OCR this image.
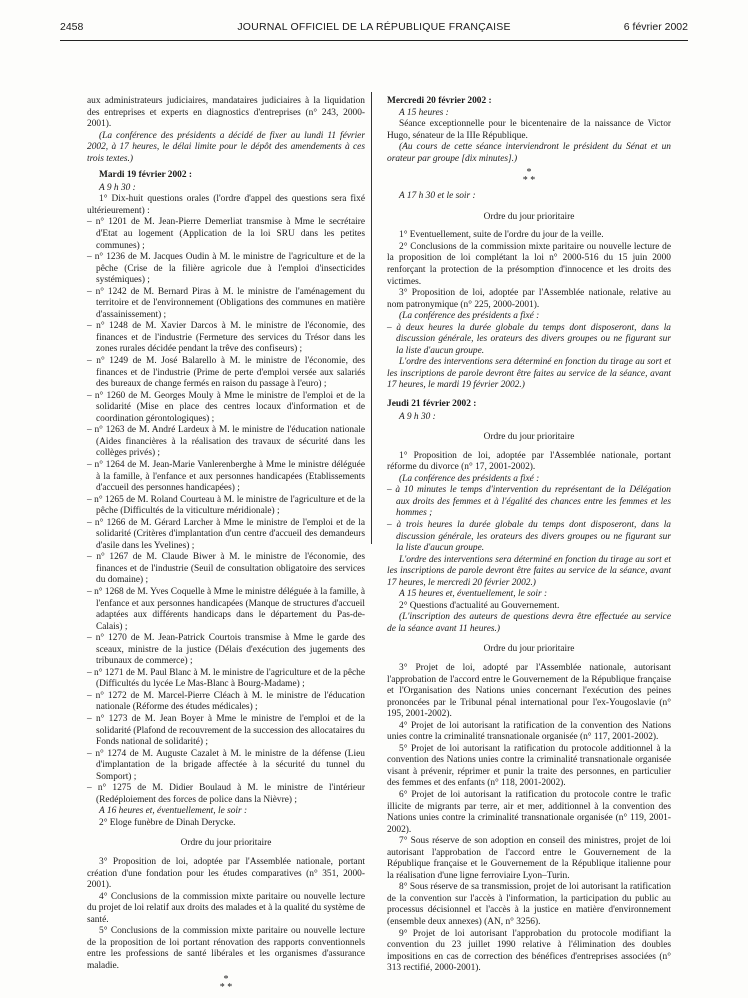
2458	JOURNAL OFFICIEL DE LA RÉPUBLIQUE FRANÇAISE	6 février 2002

aux administrateurs judiciaires, mandataires judiciaires à la liquidation des entreprises et experts en diagnostics d'entreprises (n° 243, 2000-2001).

(La conférence des présidents a décidé de fixer au lundi 11 février 2002, à 17 heures, le délai limite pour le dépôt des amendements à ces trois textes.)

Mardi 19 février 2002 :

A 9 h 30 :

1° Dix-huit questions orales (l'ordre d'appel des questions sera fixé ultérieurement) :

– n° 1201 de M. Jean-Pierre Demerliat transmise à Mme le secrétaire d'Etat au logement (Application de la loi SRU dans les petites communes) ;

– n° 1236 de M. Jacques Oudin à M. le ministre de l'agriculture et de la pêche (Crise de la filière agricole due à l'emploi d'insecticides systémiques) ;

– n° 1242 de M. Bernard Piras à M. le ministre de l'aménagement du territoire et de l'environnement (Obligations des communes en matière d'assainissement) ;

– n° 1248 de M. Xavier Darcos à M. le ministre de l'économie, des finances et de l'industrie (Fermeture des services du Trésor dans les zones rurales décidée pendant la trêve des confiseurs) ;

– n° 1249 de M. José Balarello à M. le ministre de l'économie, des finances et de l'industrie (Prime de perte d'emploi versée aux salariés des bureaux de change fermés en raison du passage à l'euro) ;

– n° 1260 de M. Georges Mouly à Mme le ministre de l'emploi et de la solidarité (Mise en place des centres locaux d'information et de coordination gérontologiques) ;

– n° 1263 de M. André Lardeux à M. le ministre de l'éducation nationale (Aides financières à la réalisation des travaux de sécurité dans les collèges privés) ;

– n° 1264 de M. Jean-Marie Vanlerenberghe à Mme le ministre déléguée à la famille, à l'enfance et aux personnes handicapées (Etablissements d'accueil des personnes handicapées) ;

– n° 1265 de M. Roland Courteau à M. le ministre de l'agriculture et de la pêche (Difficultés de la viticulture méridionale) ;

– n° 1266 de M. Gérard Larcher à Mme le ministre de l'emploi et de la solidarité (Critères d'implantation d'un centre d'accueil des demandeurs d'asile dans les Yvelines) ;

– n° 1267 de M. Claude Biwer à M. le ministre de l'économie, des finances et de l'industrie (Seuil de consultation obligatoire des services du domaine) ;

– n° 1268 de M. Yves Coquelle à Mme le ministre déléguée à la famille, à l'enfance et aux personnes handicapées (Manque de structures d'accueil adaptées aux différents handicaps dans le département du Pas-de-Calais) ;

– n° 1270 de M. Jean-Patrick Courtois transmise à Mme le garde des sceaux, ministre de la justice (Délais d'exécution des jugements des tribunaux de commerce) ;

– n° 1271 de M. Paul Blanc à M. le ministre de l'agriculture et de la pêche (Difficultés du lycée Le Mas-Blanc à Bourg-Madame) ;

– n° 1272 de M. Marcel-Pierre Cléach à M. le ministre de l'éducation nationale (Réforme des études médicales) ;

– n° 1273 de M. Jean Boyer à Mme le ministre de l'emploi et de la solidarité (Plafond de recouvrement de la succession des allocataires du Fonds national de solidarité) ;

– n° 1274 de M. Auguste Cazalet à M. le ministre de la défense (Lieu d'implantation de la brigade affectée à la sécurité du tunnel du Somport) ;

– n° 1275 de M. Didier Boulaud à M. le ministre de l'intérieur (Redéploiement des forces de police dans la Nièvre) ;

A 16 heures et, éventuellement, le soir :

2° Eloge funèbre de Dinah Derycke.

Ordre du jour prioritaire

3° Proposition de loi, adoptée par l'Assemblée nationale, portant création d'une fondation pour les études comparatives (n° 351, 2000-2001).

4° Conclusions de la commission mixte paritaire ou nouvelle lecture du projet de loi relatif aux droits des malades et à la qualité du système de santé.

5° Conclusions de la commission mixte paritaire ou nouvelle lecture de la proposition de loi portant rénovation des rapports conventionnels entre les professions de santé libérales et les organismes d'assurance maladie.

*
* *

Mercredi 20 février 2002 :

A 15 heures :

Séance exceptionnelle pour le bicentenaire de la naissance de Victor Hugo, sénateur de la IIIe République.

(Au cours de cette séance interviendront le président du Sénat et un orateur par groupe [dix minutes].)

*
* *

A 17 h 30 et le soir :

Ordre du jour prioritaire

1° Eventuellement, suite de l'ordre du jour de la veille.

2° Conclusions de la commission mixte paritaire ou nouvelle lecture de la proposition de loi complétant la loi n° 2000-516 du 15 juin 2000 renforçant la protection de la présomption d'innocence et les droits des victimes.

3° Proposition de loi, adoptée par l'Assemblée nationale, relative au nom patronymique (n° 225, 2000-2001).

(La conférence des présidents a fixé :

– à deux heures la durée globale du temps dont disposeront, dans la discussion générale, les orateurs des divers groupes ou ne figurant sur la liste d'aucun groupe.

L'ordre des interventions sera déterminé en fonction du tirage au sort et les inscriptions de parole devront être faites au service de la séance, avant 17 heures, le mardi 19 février 2002.)

Jeudi 21 février 2002 :

A 9 h 30 :

Ordre du jour prioritaire

1° Proposition de loi, adoptée par l'Assemblée nationale, portant réforme du divorce (n° 17, 2001-2002).

(La conférence des présidents a fixé :

– à 10 minutes le temps d'intervention du représentant de la Délégation aux droits des femmes et à l'égalité des chances entre les femmes et les hommes ;

– à trois heures la durée globale du temps dont disposeront, dans la discussion générale, les orateurs des divers groupes ou ne figurant sur la liste d'aucun groupe.

L'ordre des interventions sera déterminé en fonction du tirage au sort et les inscriptions de parole devront être faites au service de la séance, avant 17 heures, le mercredi 20 février 2002.)

A 15 heures et, éventuellement, le soir :

2° Questions d'actualité au Gouvernement.

(L'inscription des auteurs de questions devra être effectuée au service de la séance avant 11 heures.)

Ordre du jour prioritaire

3° Projet de loi, adopté par l'Assemblée nationale, autorisant l'approbation de l'accord entre le Gouvernement de la République française et l'Organisation des Nations unies concernant l'exécution des peines prononcées par le Tribunal pénal international pour l'ex-Yougoslavie (n° 195, 2001-2002).

4° Projet de loi autorisant la ratification de la convention des Nations unies contre la criminalité transnationale organisée (n° 117, 2001-2002).

5° Projet de loi autorisant la ratification du protocole additionnel à la convention des Nations unies contre la criminalité transnationale organisée visant à prévenir, réprimer et punir la traite des personnes, en particulier des femmes et des enfants (n° 118, 2001-2002).

6° Projet de loi autorisant la ratification du protocole contre le trafic illicite de migrants par terre, air et mer, additionnel à la convention des Nations unies contre la criminalité transnationale organisée (n° 119, 2001-2002).

7° Sous réserve de son adoption en conseil des ministres, projet de loi autorisant l'approbation de l'accord entre le Gouvernement de la République française et le Gouvernement de la République italienne pour la réalisation d'une ligne ferroviaire Lyon–Turin.

8° Sous réserve de sa transmission, projet de loi autorisant la ratification de la convention sur l'accès à l'information, la participation du public au processus décisionnel et l'accès à la justice en matière d'environnement (ensemble deux annexes) (AN, n° 3256).

9° Projet de loi autorisant l'approbation du protocole modifiant la convention du 23 juillet 1990 relative à l'élimination des doubles impositions en cas de correction des bénéfices d'entreprises associées (n° 313 rectifié, 2000-2001).
